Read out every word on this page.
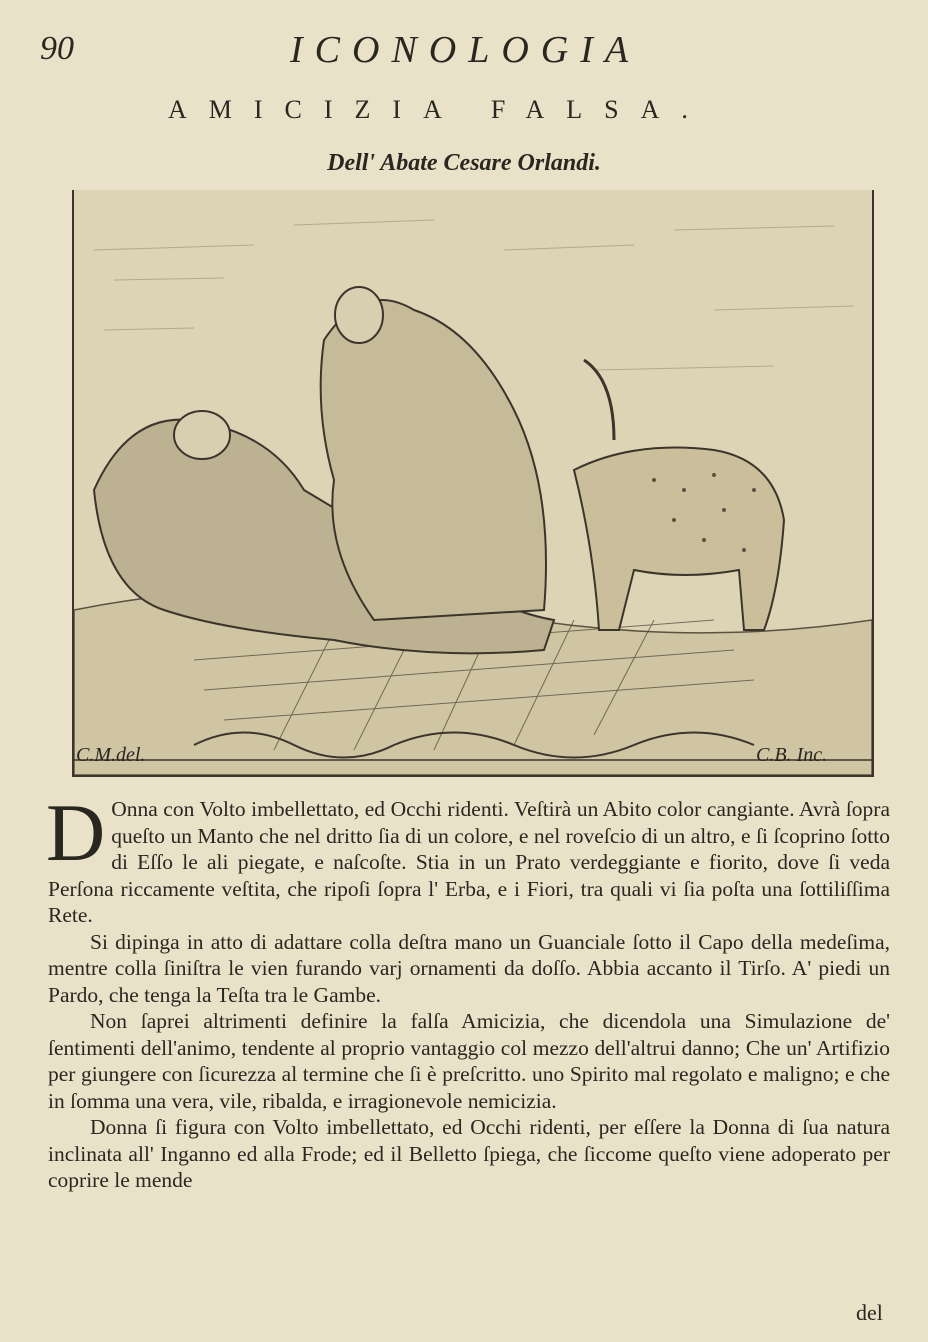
90	ICONOLOGIA
AMICIZIA FALSA.
Dell' Abate Cesare Orlandi.
C.M.del.	C.B. Inc.

D Onna con Volto imbellettato, ed Occhi ridenti. Veſtirà un Abito color cangiante. Avrà ſopra queſto un Manto che nel dritto ſia di un colore, e nel roveſcio di un altro, e ſi ſcoprino ſotto di Eſſo le ali piegate, e naſcoſte. Stia in un Prato verdeggiante e fiorito, dove ſi veda Perſona riccamente veſtita, che ripoſi ſopra l' Erba, e i Fiori, tra quali vi ſia poſta una ſottiliſſima Rete.

Si dipinga in atto di adattare colla deſtra mano un Guanciale ſotto il Capo della medeſima, mentre colla ſiniſtra le vien furando varj ornamenti da doſſo. Abbia accanto il Tirſo. A' piedi un Pardo, che tenga la Teſta tra le Gambe.

Non ſaprei altrimenti definire la falſa Amicizia, che dicendola una Simulazione de' ſentimenti dell'animo, tendente al proprio vantaggio col mezzo dell'altrui danno; Che un' Artifizio per giungere con ſicurezza al termine che ſi è preſcritto. uno Spirito mal regolato e maligno; e che in ſomma una vera, vile, ribalda, e irragionevole nemicizia.

Donna ſi figura con Volto imbellettato, ed Occhi ridenti, per eſſere la Donna di ſua natura inclinata all' Inganno ed alla Frode; ed il Belletto ſpiega, che ſiccome queſto viene adoperato per coprire le mende

del
